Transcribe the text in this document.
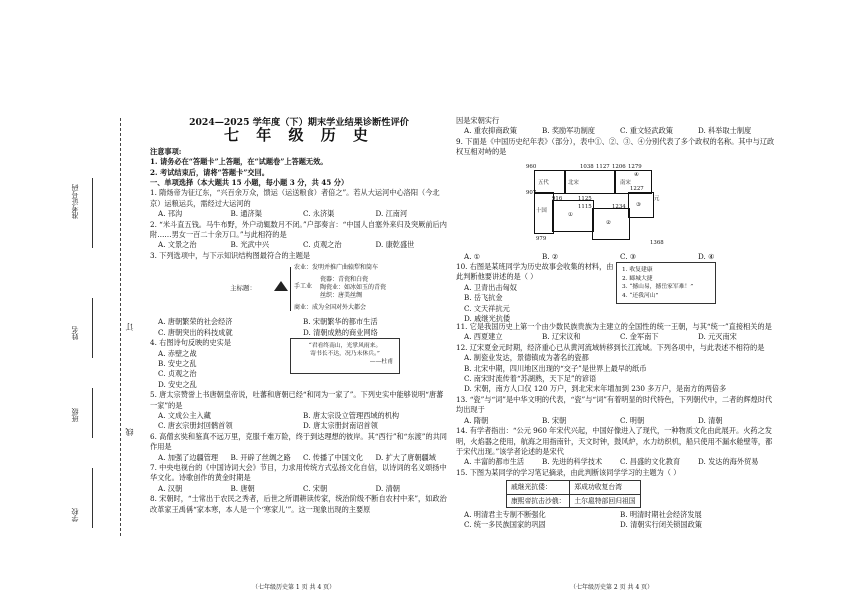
准考证号码
姓名
班级
学校
订
线
2024—2025 学年度（下）期末学业结果诊断性评价
七 年 级 历 史
注意事项:
1. 请务必在“答题卡”上答题，在“试题卷”上答题无效。
2. 考试结束后，请将“答题卡”交回。
一、单项选择（本大题共 15 小题，每小题 3 分，共 45 分）

1. 隋炀帝为征辽东，“兴百余万众，馈运（运送粮食）者倍之”。若从大运河中心洛阳（今北京）运粮运兵，需经过大运河的

A. 邗沟	B. 通济渠	C. 永济渠	D. 江南河

2. “米斗直五钱。马牛布野，外户动辄数月不闭。”户部奏言：“中国人自塞外来归及突厥前后内附……男女一百二十余万口。”与此相符的是

A. 文景之治	B. 光武中兴	C. 贞观之治	D. 康乾盛世

3. 下列选项中，与下示知识结构图最符合的主题是

主标题：
农业：发明并推广曲辕犁和筒车
手工业
瓷器：青瓷和白瓷
陶瓷业：如冰如玉的青瓷
丝织：唐美丝绸
商业：成为全国对外大都会
A. 唐朝繁荣的社会经济	B. 宋朝繁华的都市生活
C. 唐朝突出的科技成就	D. 清朝成熟的商业网络

4. 右图诗句反映的史实是

A. 赤壁之战
B. 安史之乱
C. 贞观之治
D. 安史之乱
“君看终南山，光掌风雨来。
寄书长不达，况乃未休兵。”
——杜甫

5. 唐太宗赞誉上书唐朝皇帝说，吐蕃和唐朝已经“和同为一家了”。下列史实中能够说明“唐蕃一家”的是

A. 文成公主入藏	B. 唐太宗设立管理西域的机构
C. 唐玄宗册封回鹘首领	D. 唐太宗册封南诏首领

6. 高僧玄奘和鉴真不远万里，克服千难万险，终于到达理想的彼岸。其“西行”和“东渡”的共同作用是

A. 加强了边疆管理	B. 开辟了丝绸之路	C. 传播了中国文化	D. 扩大了唐朝疆域

7. 中央电视台的《中国诗词大会》节目，力求用传统方式弘扬文化自信，以诗词的名义颂扬中华文化。诗歌创作的黄金时期是

A. 汉朝	B. 唐朝	C. 宋朝	D. 清朝

8. 宋朝时，“士常出于农民之秀者，后世之所谓耕读传家，统治阶级不断自农村中来”，如政治改革家王禹偁“家本寒，本人是一个‘寒家儿’”。这一现象出现的主要原

（七年级历史第 1 页 共 4 页）

因是宋朝实行

A. 重农抑商政策	B. 奖励军功制度	C. 重文轻武政策	D. 科举取士制度

9. 下面是《中国历史纪年表》（部分），表中①、②、③、④分别代表了多个政权的名称。其中与辽政权互相对峙的是

960
北宋
1127
南宋
1279
元
1368
十国
907
979
916	1125
1115	1234
1038
1227
1206
①
②
③
④
五代
A. ①	B. ②	C. ③	D. ④

10. 右图是某班同学为历史故事会收集的材料，由此判断他要讲述的是（ ）

A. 卫青出击匈奴
B. 岳飞抗金
C. 文天祥抗元
D. 戚继光抗倭
1. 收复建康
2. 郾城大捷
3. “撼山易，撼岳家军难！”
4. “还我河山”

11. 它是我国历史上第一个由少数民族贵族为主建立的全国性的统一王朝，与其“统一”直接相关的是

A. 西夏建立	B. 辽宋议和	C. 金军南下	D. 元灭南宋

12. 辽宋夏金元时期，经济重心已从黄河流域转移到长江流域。下列各项中，与此表述不相符的是

A. 制瓷业发达，景德镇成为著名的瓷都
B. 北宋中期，四川地区出现的“交子”是世界上最早的纸币
C. 南宋时流传着“苏湖熟，天下足”的谚语
D. 宋朝，南方人口仅 120 万户，到北宋末年增加到 230 多万户，是南方的两倍多

13. “瓷”与“词”是中华文明的代表，“瓷”与“词”有着明显的时代特色，下列朝代中，二者的辉煌时代均出现于

A. 隋朝	B. 宋朝	C. 明朝	D. 清朝

14. 有学者指出：“公元 960 年宋代兴起，中国好像进入了现代，一种物质文化由此展开。火药之发明，火焰器之使用，航海之用指南针，天文时钟，鼓风炉，水力纺织机，船只使用不漏水舱壁等，都于宋代出现。”该学者论述的是宋代

A. 丰富的都市生活	B. 先进的科学技术	C. 昌盛的文化教育	D. 发达的海外贸易

15. 下图为某同学的学习笔记摘录，由此判断该同学学习的主题为（ ）

戚继光抗倭：	郑成功收复台湾
康熙帝抗击沙俄：	土尔扈特部回归祖国
A. 明清君主专制不断强化	B. 明清时期社会经济发展
C. 统一多民族国家的巩固	D. 清朝实行闭关锁国政策
（七年级历史第 2 页 共 4 页）
